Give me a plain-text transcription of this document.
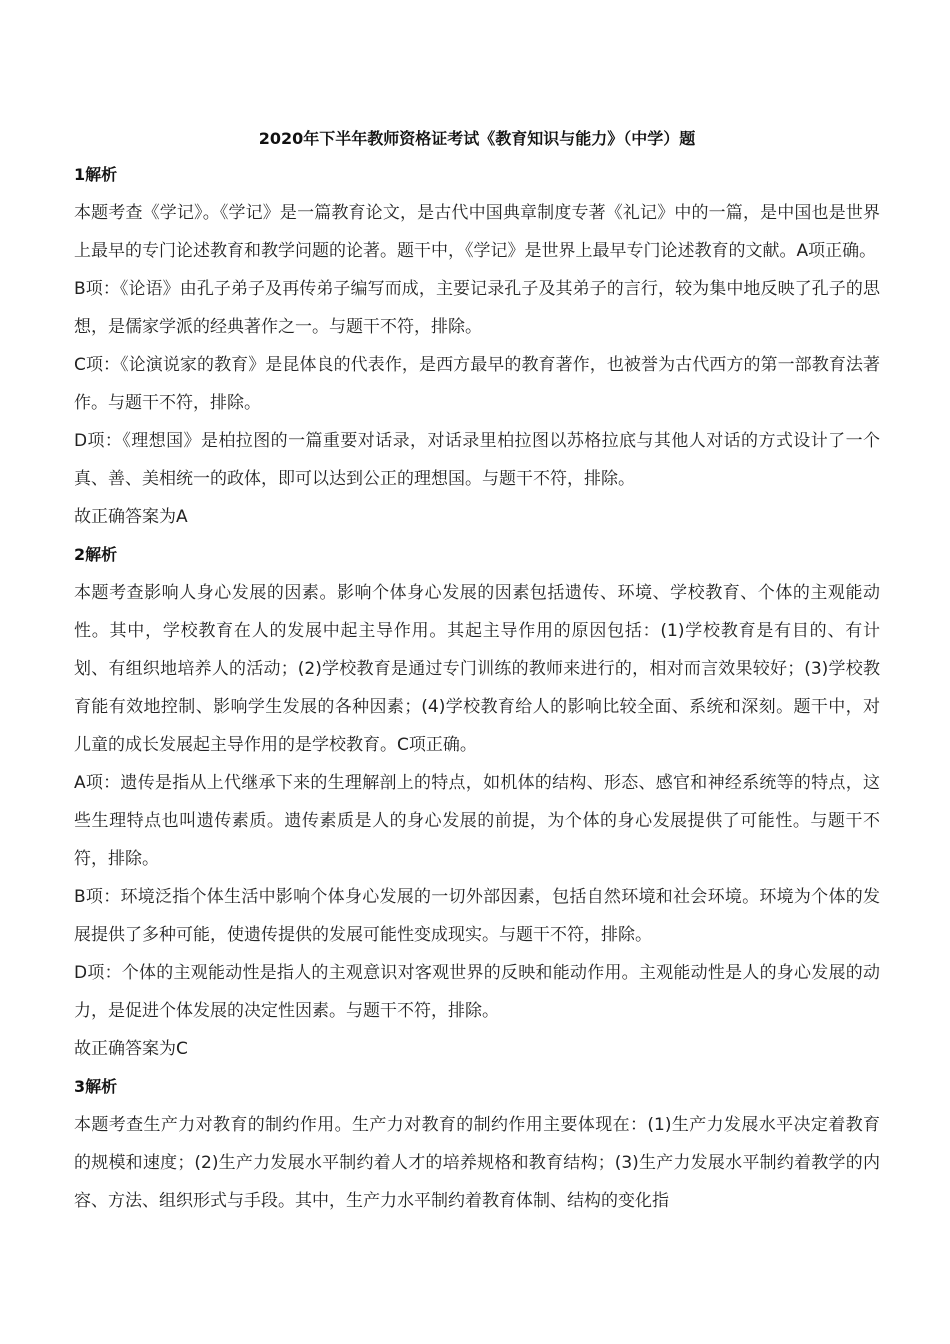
2020年下半年教师资格证考试《教育知识与能力》（中学）题

1解析

本题考查《学记》。《学记》是一篇教育论文，是古代中国典章制度专著《礼记》中的一篇，是中国也是世界上最早的专门论述教育和教学问题的论著。题干中，《学记》是世界上最早专门论述教育的文献。A项正确。

B项：《论语》由孔子弟子及再传弟子编写而成，主要记录孔子及其弟子的言行，较为集中地反映了孔子的思想，是儒家学派的经典著作之一。与题干不符，排除。

C项：《论演说家的教育》是昆体良的代表作，是西方最早的教育著作，也被誉为古代西方的第一部教育法著作。与题干不符，排除。

D项：《理想国》是柏拉图的一篇重要对话录，对话录里柏拉图以苏格拉底与其他人对话的方式设计了一个真、善、美相统一的政体，即可以达到公正的理想国。与题干不符，排除。

故正确答案为A

2解析

本题考查影响人身心发展的因素。影响个体身心发展的因素包括遗传、环境、学校教育、个体的主观能动性。其中，学校教育在人的发展中起主导作用。其起主导作用的原因包括：(1)学校教育是有目的、有计划、有组织地培养人的活动；(2)学校教育是通过专门训练的教师来进行的，相对而言效果较好；(3)学校教育能有效地控制、影响学生发展的各种因素；(4)学校教育给人的影响比较全面、系统和深刻。题干中，对儿童的成长发展起主导作用的是学校教育。C项正确。

A项：遗传是指从上代继承下来的生理解剖上的特点，如机体的结构、形态、感官和神经系统等的特点，这些生理特点也叫遗传素质。遗传素质是人的身心发展的前提，为个体的身心发展提供了可能性。与题干不符，排除。

B项：环境泛指个体生活中影响个体身心发展的一切外部因素，包括自然环境和社会环境。环境为个体的发展提供了多种可能，使遗传提供的发展可能性变成现实。与题干不符，排除。

D项：个体的主观能动性是指人的主观意识对客观世界的反映和能动作用。主观能动性是人的身心发展的动力，是促进个体发展的决定性因素。与题干不符，排除。

故正确答案为C

3解析

本题考查生产力对教育的制约作用。生产力对教育的制约作用主要体现在：(1)生产力发展水平决定着教育的规模和速度；(2)生产力发展水平制约着人才的培养规格和教育结构；(3)生产力发展水平制约着教学的内容、方法、组织形式与手段。其中，生产力水平制约着教育体制、结构的变化指
